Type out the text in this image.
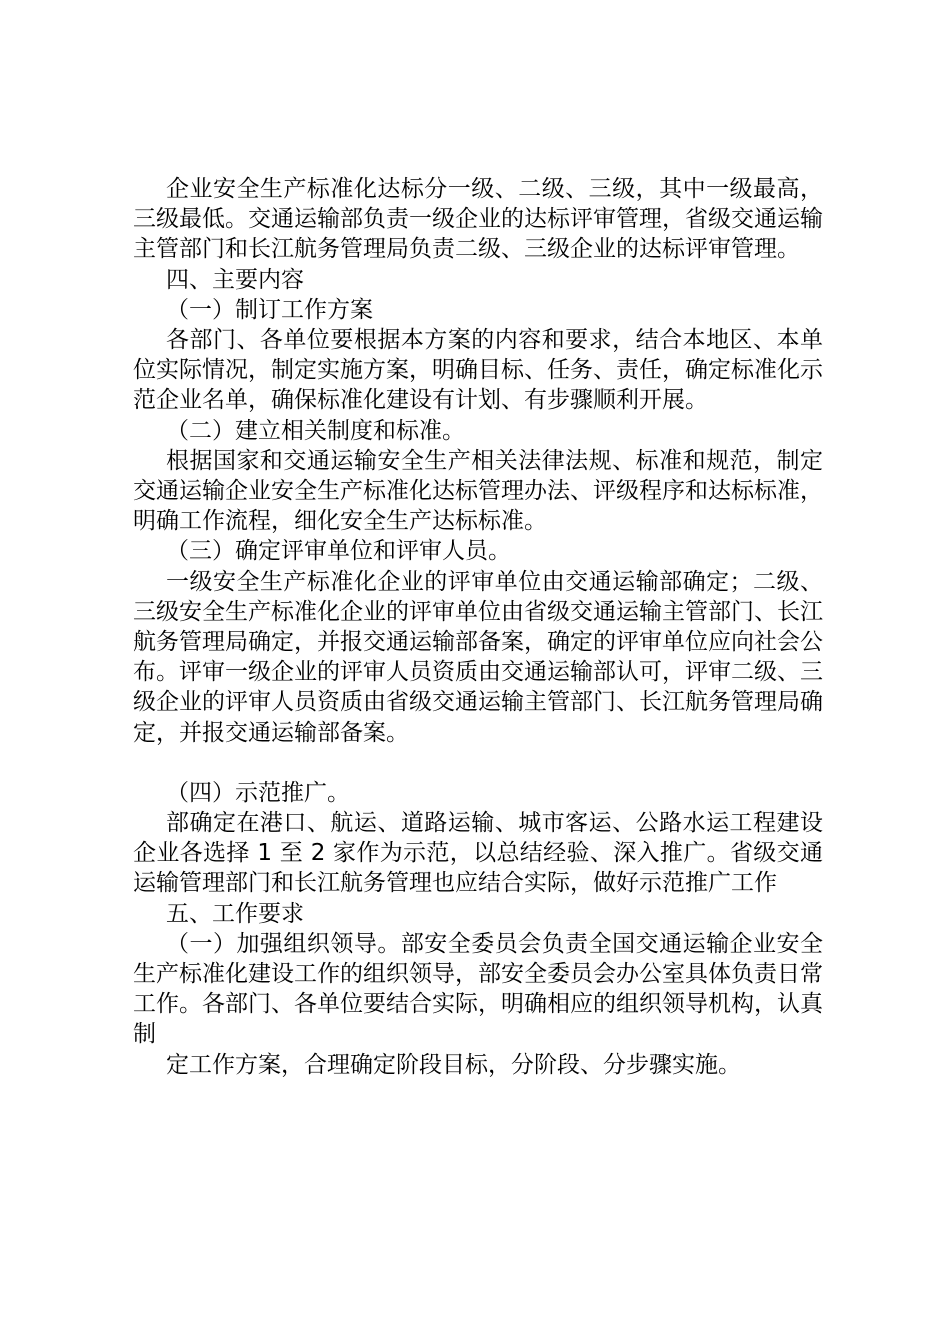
企业安全生产标准化达标分一级、二级、三级，其中一级最高，三级最低。交通运输部负责一级企业的达标评审管理，省级交通运输主管部门和长江航务管理局负责二级、三级企业的达标评审管理。

四、主要内容

（一）制订工作方案

各部门、各单位要根据本方案的内容和要求，结合本地区、本单位实际情况，制定实施方案，明确目标、任务、责任，确定标准化示范企业名单，确保标准化建设有计划、有步骤顺利开展。

（二）建立相关制度和标准。

根据国家和交通运输安全生产相关法律法规、标准和规范，制定交通运输企业安全生产标准化达标管理办法、评级程序和达标标准，明确工作流程，细化安全生产达标标准。

（三）确定评审单位和评审人员。

一级安全生产标准化企业的评审单位由交通运输部确定；二级、三级安全生产标准化企业的评审单位由省级交通运输主管部门、长江航务管理局确定，并报交通运输部备案，确定的评审单位应向社会公布。评审一级企业的评审人员资质由交通运输部认可，评审二级、三级企业的评审人员资质由省级交通运输主管部门、长江航务管理局确定，并报交通运输部备案。

（四）示范推广。

部确定在港口、航运、道路运输、城市客运、公路水运工程建设企业各选择 1 至 2 家作为示范，以总结经验、深入推广。省级交通运输管理部门和长江航务管理也应结合实际，做好示范推广工作

五、工作要求

（一）加强组织领导。部安全委员会负责全国交通运输企业安全生产标准化建设工作的组织领导，部安全委员会办公室具体负责日常工作。各部门、各单位要结合实际，明确相应的组织领导机构，认真制

定工作方案，合理确定阶段目标，分阶段、分步骤实施。
